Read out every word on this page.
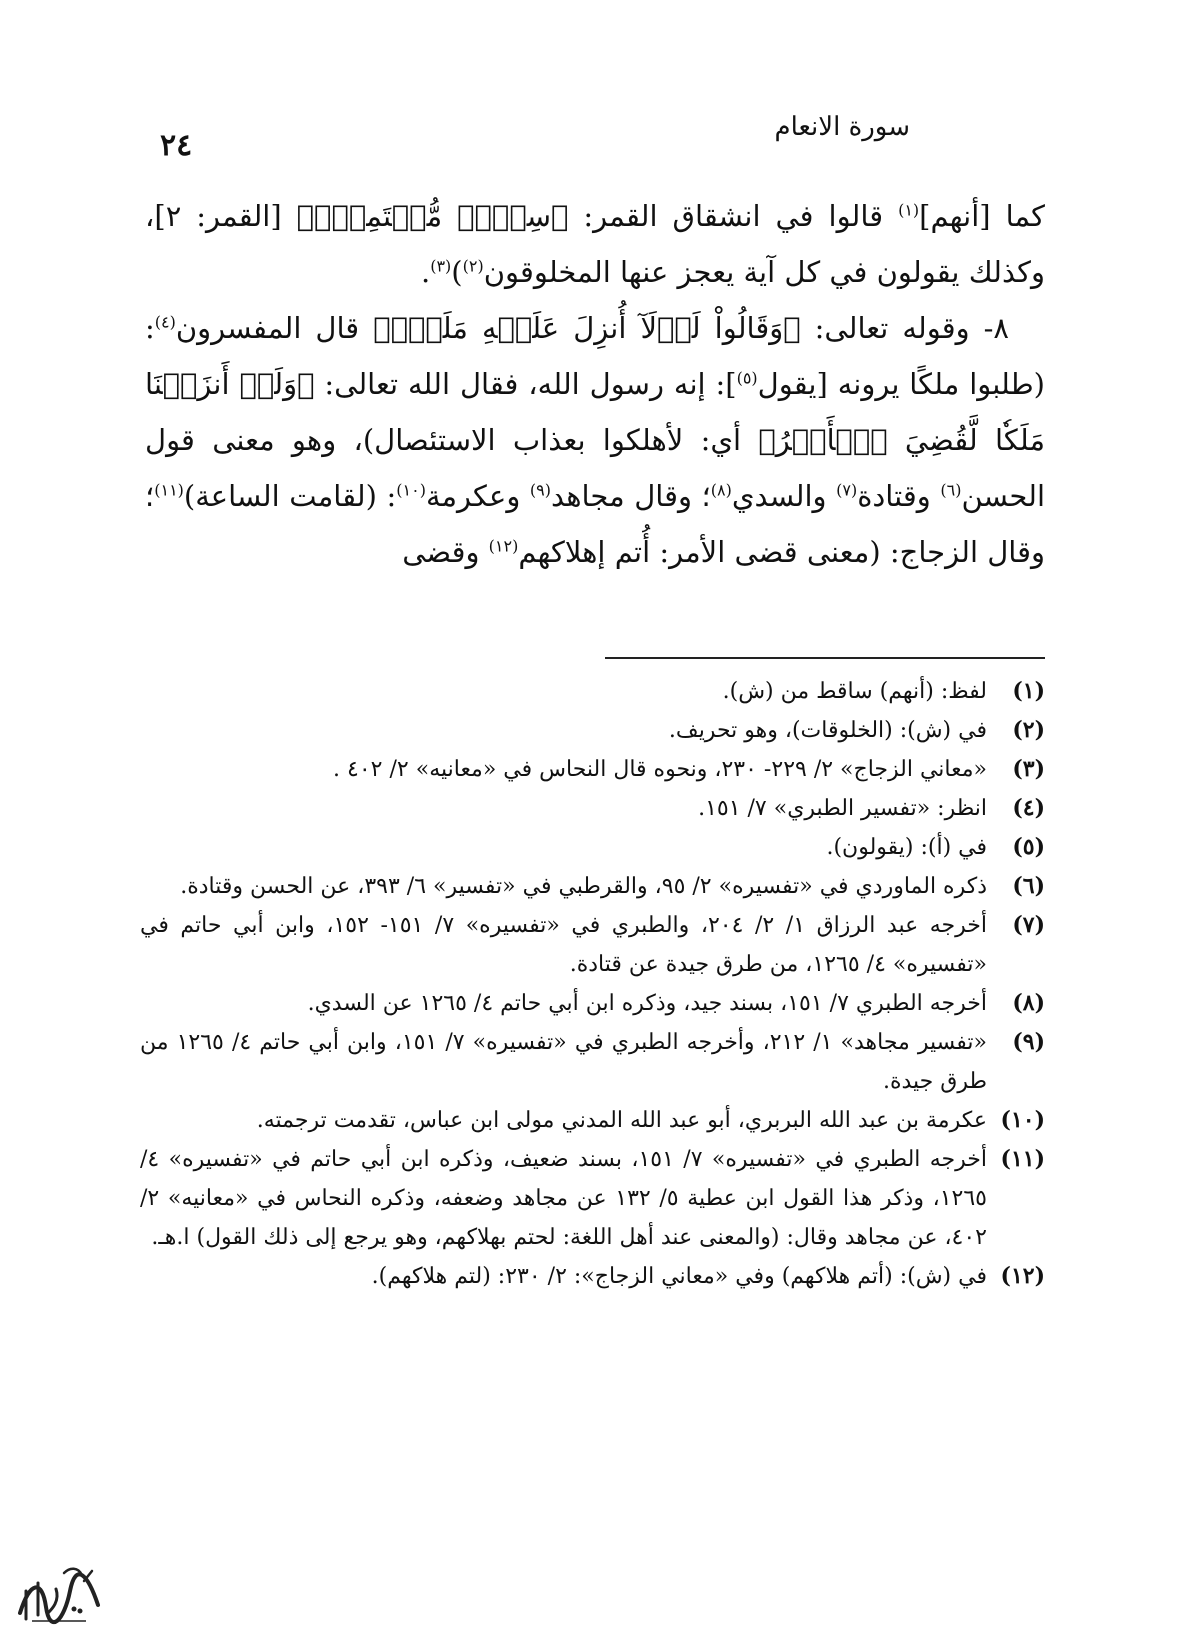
سورة الانعام
٢٤

كما [أنهم]$^{(١)}$ قالوا في انشقاق القمر: ﴿سِحۡرٞ مُّسۡتَمِرّٞ﴾ [القمر: ٢]، وكذلك يقولون في كل آية يعجز عنها المخلوقون$^{(٢)}$)$^{(٣)}$.

٨- وقوله تعالى: ﴿وَقَالُواْ لَوۡلَآ أُنزِلَ عَلَيۡهِ مَلَكٞۖ﴾ قال المفسرون$^{(٤)}$: (طلبوا ملكًا يرونه [يقول$^{(٥)}$]: إنه رسول الله، فقال الله تعالى: ﴿وَلَوۡ أَنزَلۡنَا مَلَكٗا لَّقُضِيَ ٱلۡأَمۡرُ﴾ أي: لأهلكوا بعذاب الاستئصال)، وهو معنى قول الحسن$^{(٦)}$ وقتادة$^{(٧)}$ والسدي$^{(٨)}$؛ وقال مجاهد$^{(٩)}$ وعكرمة$^{(١٠)}$: (لقامت الساعة)$^{(١١)}$؛ وقال الزجاج: (معنى قضى الأمر: أُتم إهلاكهم$^{(١٢)}$ وقضى

(١)
لفظ: (أنهم) ساقط من (ش).
(٢)
في (ش): (الخلوقات)، وهو تحريف.
(٣)
«معاني الزجاج» ٢/ ٢٢٩- ٢٣٠، ونحوه قال النحاس في «معانيه» ٢/ ٤٠٢ .
(٤)
انظر: «تفسير الطبري» ٧/ ١٥١.
(٥)
في (أ): (يقولون).
(٦)
ذكره الماوردي في «تفسيره» ٢/ ٩٥، والقرطبي في «تفسير» ٦/ ٣٩٣، عن الحسن وقتادة.
(٧)
أخرجه عبد الرزاق ١/ ٢/ ٢٠٤، والطبري في «تفسيره» ٧/ ١٥١- ١٥٢، وابن أبي حاتم في «تفسيره» ٤/ ١٢٦٥، من طرق جيدة عن قتادة.
(٨)
أخرجه الطبري ٧/ ١٥١، بسند جيد، وذكره ابن أبي حاتم ٤/ ١٢٦٥ عن السدي.
(٩)
«تفسير مجاهد» ١/ ٢١٢، وأخرجه الطبري في «تفسيره» ٧/ ١٥١، وابن أبي حاتم ٤/ ١٢٦٥ من طرق جيدة.
(١٠)
عكرمة بن عبد الله البربري، أبو عبد الله المدني مولى ابن عباس، تقدمت ترجمته.
(١١)
أخرجه الطبري في «تفسيره» ٧/ ١٥١، بسند ضعيف، وذكره ابن أبي حاتم في «تفسيره» ٤/ ١٢٦٥، وذكر هذا القول ابن عطية ٥/ ١٣٢ عن مجاهد وضعفه، وذكره النحاس في «معانيه» ٢/ ٤٠٢، عن مجاهد وقال: (والمعنى عند أهل اللغة: لحتم بهلاكهم، وهو يرجع إلى ذلك القول) ا.هـ.
(١٢)
في (ش): (أتم هلاكهم) وفي «معاني الزجاج»: ٢/ ٢٣٠: (لتم هلاكهم).
